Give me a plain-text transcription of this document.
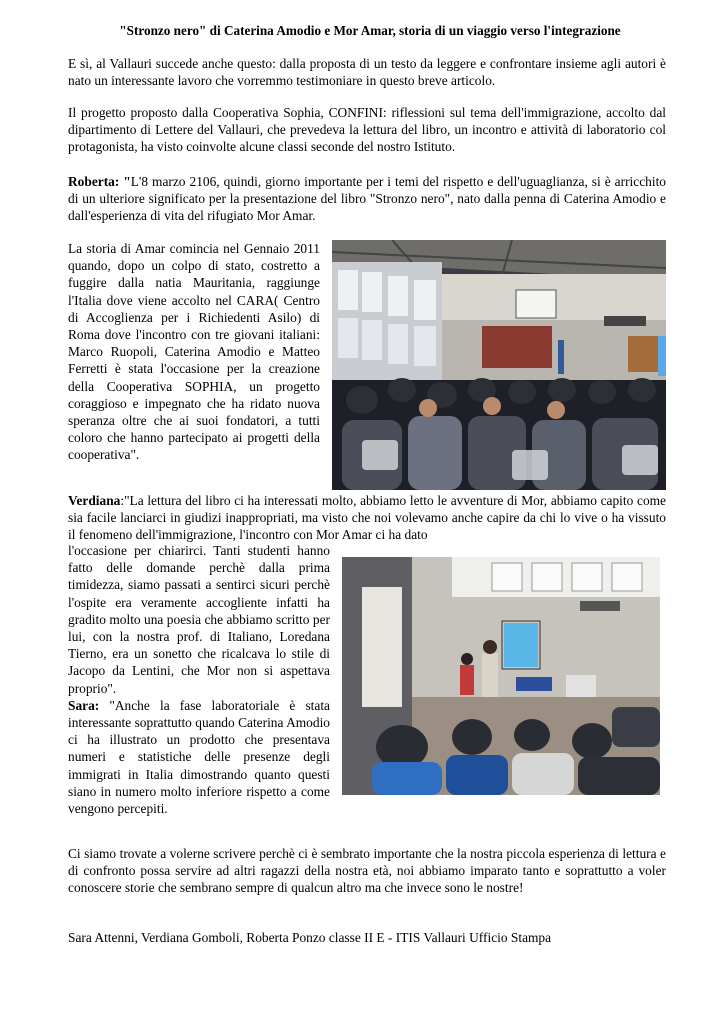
"Stronzo nero" di Caterina Amodio e Mor Amar, storia di un viaggio verso l'integrazione

E sì, al Vallauri succede anche questo: dalla proposta di un testo da leggere e confrontare insieme agli autori è nato un interessante lavoro che vorremmo testimoniare in questo breve articolo.

Il progetto proposto dalla Cooperativa Sophia, CONFINI: riflessioni sul tema dell'immigrazione, accolto dal dipartimento di Lettere del Vallauri, che prevedeva la lettura del libro, un incontro e attività di laboratorio col protagonista, ha visto coinvolte alcune classi seconde del nostro Istituto.

Roberta: "L'8 marzo 2106, quindi, giorno importante per i temi del rispetto e dell'uguaglianza, si è arricchito di un ulteriore significato per la presentazione del libro "Stronzo nero", nato dalla penna di Caterina Amodio e dall'esperienza di vita del rifugiato Mor Amar.

La storia di Amar comincia nel Gennaio 2011 quando, dopo un colpo di stato, costretto a fuggire dalla natia Mauritania, raggiunge l'Italia dove viene accolto nel CARA( Centro di Accoglienza per i Richiedenti Asilo) di Roma dove l'incontro con tre giovani italiani: Marco Ruopoli, Caterina Amodio e Matteo Ferretti è stata l'occasione per la creazione della Cooperativa SOPHIA, un progetto coraggioso e impegnato che ha ridato nuova speranza oltre che ai suoi fondatori, a tutti coloro che hanno partecipato ai progetti della cooperativa".

Verdiana:"La lettura del libro ci ha interessati molto, abbiamo letto le avventure di Mor, abbiamo capito come sia facile lanciarci in giudizi inappropriati, ma visto che noi volevamo anche capire da chi lo vive o ha vissuto il fenomeno dell'immigrazione, l'incontro con Mor Amar ci ha dato

l'occasione per chiarirci. Tanti studenti hanno fatto delle domande perchè dalla prima timidezza, siamo passati a sentirci sicuri perchè l'ospite era veramente accogliente infatti ha gradito molto una poesia che abbiamo scritto per lui, con la nostra prof. di Italiano, Loredana Tierno, era un sonetto che ricalcava lo stile di Jacopo da Lentini, che Mor non si aspettava proprio".
Sara: "Anche la fase laboratoriale è stata interessante soprattutto quando Caterina Amodio ci ha illustrato un prodotto che presentava numeri e statistiche delle presenze degli immigrati in Italia dimostrando quanto questi siano in numero molto inferiore rispetto a come vengono percepiti.

Ci siamo trovate a volerne scrivere perchè ci è sembrato importante che la nostra piccola esperienza di lettura e di confronto possa servire ad altri ragazzi della nostra età, noi abbiamo imparato tanto e soprattutto a voler conoscere storie che sembrano sempre di qualcun altro ma che invece sono le nostre!

Sara Attenni, Verdiana Gomboli, Roberta Ponzo classe II E - ITIS Vallauri Ufficio Stampa
